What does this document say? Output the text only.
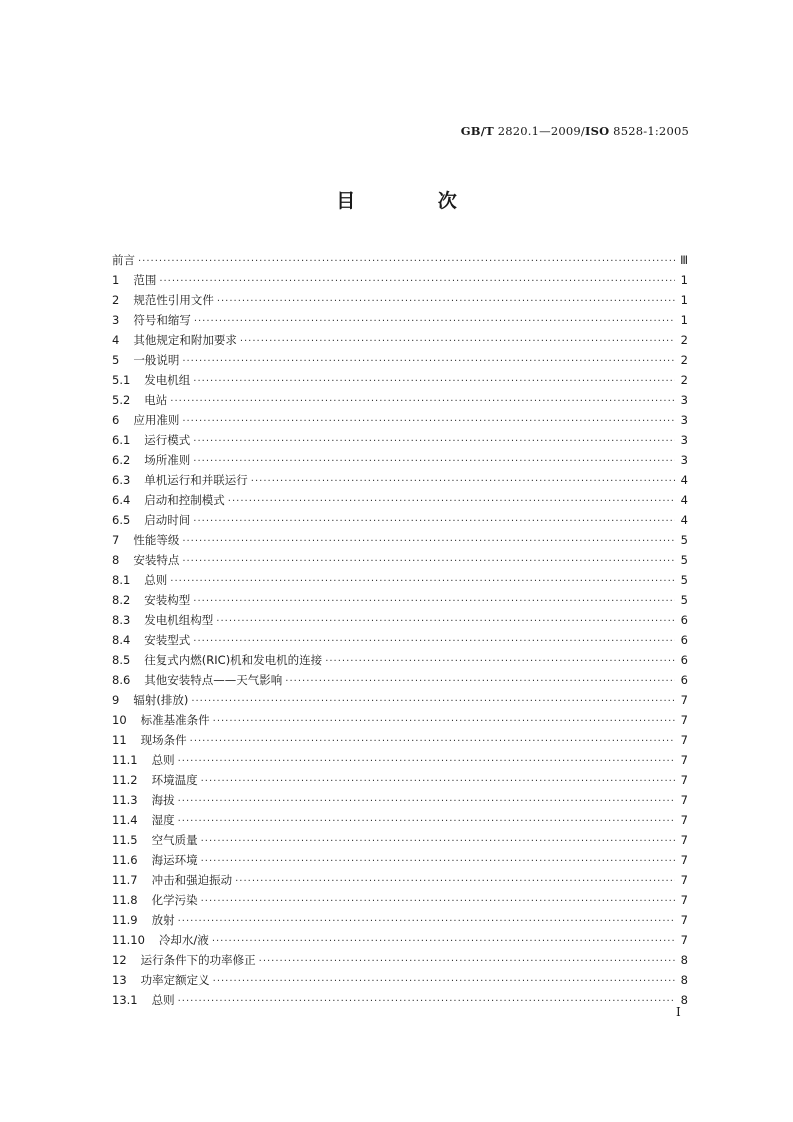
GB/T 2820.1—2009/ISO 8528-1:2005
目 次
前言 ·····	Ⅲ
1 范围 ·····	1
2 规范性引用文件 ·····	1
3 符号和缩写 ·····	1
4 其他规定和附加要求 ·····	2
5 一般说明 ·····	2
5.1 发电机组 ·····	2
5.2 电站 ·····	3
6 应用准则 ·····	3
6.1 运行模式 ·····	3
6.2 场所准则 ·····	3
6.3 单机运行和并联运行 ·····	4
6.4 启动和控制模式 ·····	4
6.5 启动时间 ·····	4
7 性能等级 ·····	5
8 安装特点 ·····	5
8.1 总则 ·····	5
8.2 安装构型 ·····	5
8.3 发电机组构型 ·····	6
8.4 安装型式 ·····	6
8.5 往复式内燃(RIC)机和发电机的连接 ·····	6
8.6 其他安装特点——天气影响 ·····	6
9 辐射(排放) ·····	7
10 标准基准条件 ·····	7
11 现场条件 ·····	7
11.1 总则 ·····	7
11.2 环境温度 ·····	7
11.3 海拔 ·····	7
11.4 湿度 ·····	7
11.5 空气质量 ·····	7
11.6 海运环境 ·····	7
11.7 冲击和强迫振动 ·····	7
11.8 化学污染 ·····	7
11.9 放射 ·····	7
11.10 冷却水/液 ·····	7
12 运行条件下的功率修正 ·····	8
13 功率定额定义 ·····	8
13.1 总则 ·····	8
I
